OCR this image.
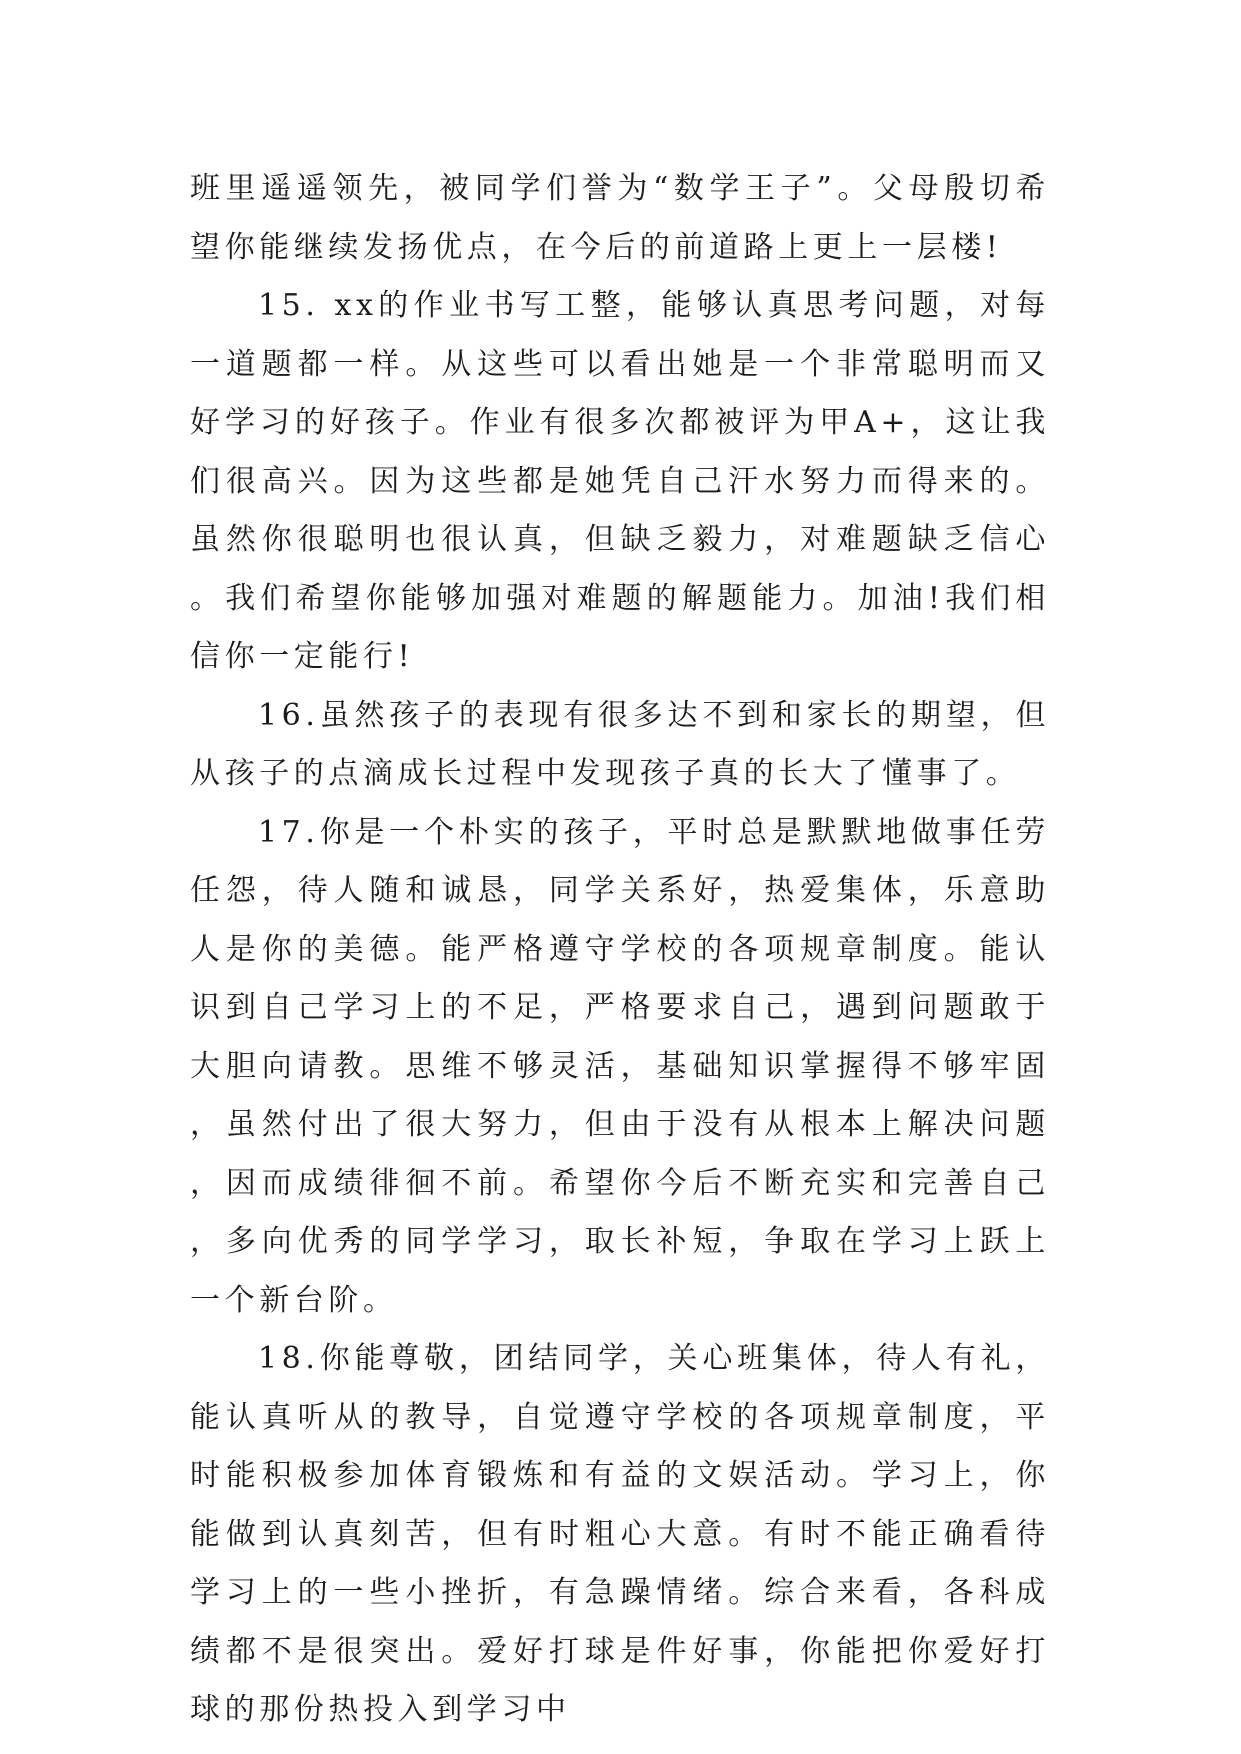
班里遥遥领先，被同学们誉为“数学王子”。父母殷切希望你能继续发扬优点，在今后的前道路上更上一层楼!

15. xx的作业书写工整，能够认真思考问题，对每一道题都一样。从这些可以看出她是一个非常聪明而又好学习的好孩子。作业有很多次都被评为甲A+，这让我们很高兴。因为这些都是她凭自己汗水努力而得来的。虽然你很聪明也很认真，但缺乏毅力，对难题缺乏信心。我们希望你能够加强对难题的解题能力。加油!我们相信你一定能行!

16.虽然孩子的表现有很多达不到和家长的期望，但从孩子的点滴成长过程中发现孩子真的长大了懂事了。

17.你是一个朴实的孩子，平时总是默默地做事任劳任怨，待人随和诚恳，同学关系好，热爱集体，乐意助人是你的美德。能严格遵守学校的各项规章制度。能认识到自己学习上的不足，严格要求自己，遇到问题敢于大胆向请教。思维不够灵活，基础知识掌握得不够牢固，虽然付出了很大努力，但由于没有从根本上解决问题，因而成绩徘徊不前。希望你今后不断充实和完善自己，多向优秀的同学学习，取长补短，争取在学习上跃上一个新台阶。

18.你能尊敬，团结同学，关心班集体，待人有礼，能认真听从的教导，自觉遵守学校的各项规章制度，平时能积极参加体育锻炼和有益的文娱活动。学习上，你能做到认真刻苦，但有时粗心大意。有时不能正确看待学习上的一些小挫折，有急躁情绪。综合来看，各科成绩都不是很突出。爱好打球是件好事，你能把你爱好打球的那份热投入到学习中
